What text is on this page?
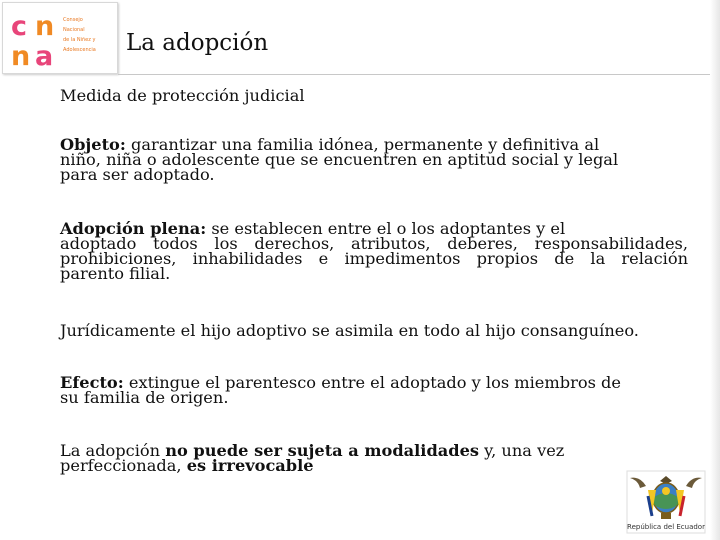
c n
n a
Consejo
Nacional
de la Niñez y
Adolescencia	La adopción
Medida de protección judicial
Objeto: garantizar una familia idónea, permanente y definitiva al
niño, niña o adolescente que se encuentren en aptitud social y legal
para ser adoptado.
Adopción plena: se establecen entre el o los adoptantes y el
adoptado todos los derechos, atributos, deberes, responsabilidades,
prohibiciones, inhabilidades e impedimentos propios de la relación
parento filial.
Jurídicamente el hijo adoptivo se asimila en todo al hijo consanguíneo.
Efecto: extingue el parentesco entre el adoptado y los miembros de
su familia de origen.
La adopción no puede ser sujeta a modalidades y, una vez
perfeccionada, es irrevocable
República del Ecuador
